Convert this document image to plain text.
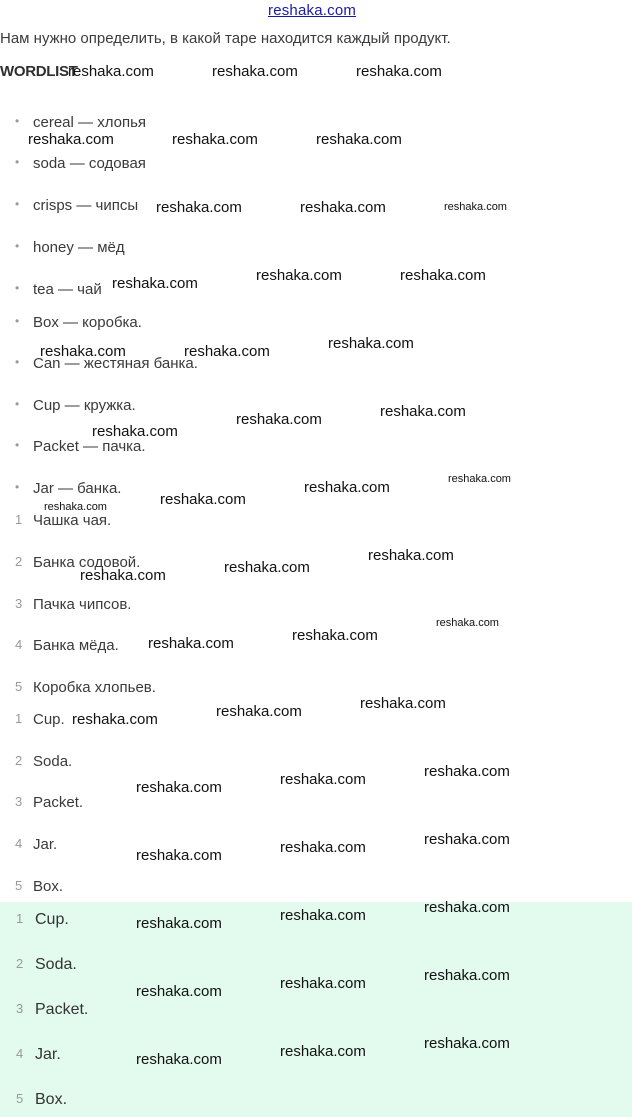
reshaka.com
Нам нужно определить, в какой таре находится каждый продукт.
WORDLIST
• cereal — хлопья
• soda — содовая
• crisps — чипсы
• honey — мёд
• tea — чай
• Box — коробка.
• Can — жестяная банка.
• Cup — кружка.
• Packet — пачка.
• Jar — банка.
1 Чашка чая.
2 Банка содовой.
3 Пачка чипсов.
4 Банка мёда.
5 Коробка хлопьев.
1 Cup.
2 Soda.
3 Packet.
4 Jar.
5 Box.
1 Cup.
2 Soda.
3 Packet.
4 Jar.
5 Box.
reshaka.com	reshaka.com	reshaka.com
reshaka.com	reshaka.com	reshaka.com
reshaka.com	reshaka.com	reshaka.com
reshaka.com	reshaka.com	reshaka.com
reshaka.com	reshaka.com	reshaka.com
reshaka.com
reshaka.com	reshaka.com
reshaka.com	reshaka.com
reshaka.com	reshaka.com
reshaka.com	reshaka.com
reshaka.com
reshaka.com	reshaka.com
reshaka.com
reshaka.com	reshaka.com	reshaka.com
reshaka.com	reshaka.com	reshaka.com
reshaka.com	reshaka.com	reshaka.com
reshaka.com	reshaka.com	reshaka.com
reshaka.com	reshaka.com	reshaka.com
reshaka.com	reshaka.com	reshaka.com
